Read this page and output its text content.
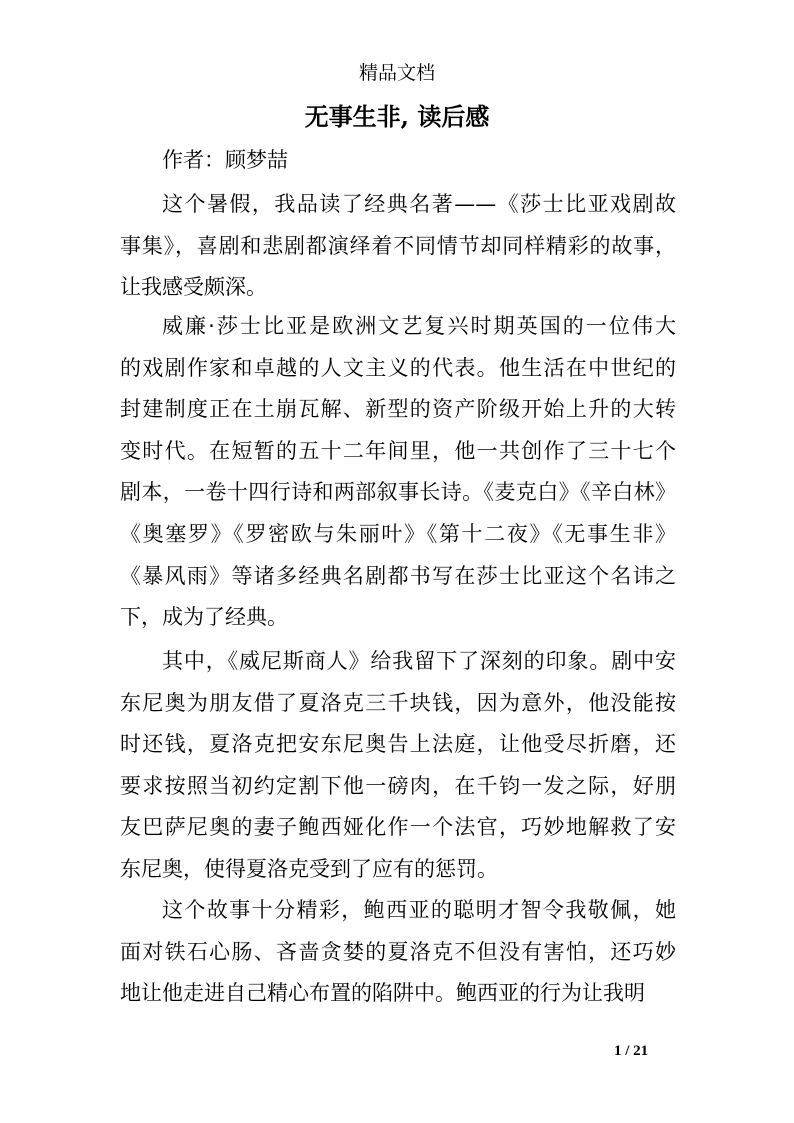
精品文档
无事生非, 读后感
作者：顾梦喆
这个暑假，我品读了经典名著——《莎士比亚戏剧故
事集》，喜剧和悲剧都演绎着不同情节却同样精彩的故事，
让我感受颇深。
威廉·莎士比亚是欧洲文艺复兴时期英国的一位伟大
的戏剧作家和卓越的人文主义的代表。他生活在中世纪的
封建制度正在土崩瓦解、新型的资产阶级开始上升的大转
变时代。在短暂的五十二年间里，他一共创作了三十七个
剧本，一卷十四行诗和两部叙事长诗。《麦克白》《辛白林》
《奥塞罗》《罗密欧与朱丽叶》《第十二夜》《无事生非》
《暴风雨》等诸多经典名剧都书写在莎士比亚这个名讳之
下，成为了经典。
其中，《威尼斯商人》给我留下了深刻的印象。剧中安
东尼奥为朋友借了夏洛克三千块钱，因为意外，他没能按
时还钱，夏洛克把安东尼奥告上法庭，让他受尽折磨，还
要求按照当初约定割下他一磅肉，在千钧一发之际，好朋
友巴萨尼奥的妻子鲍西娅化作一个法官，巧妙地解救了安
东尼奥，使得夏洛克受到了应有的惩罚。
这个故事十分精彩，鲍西亚的聪明才智令我敬佩，她
面对铁石心肠、吝啬贪婪的夏洛克不但没有害怕，还巧妙
地让他走进自己精心布置的陷阱中。鲍西亚的行为让我明
1 / 21
